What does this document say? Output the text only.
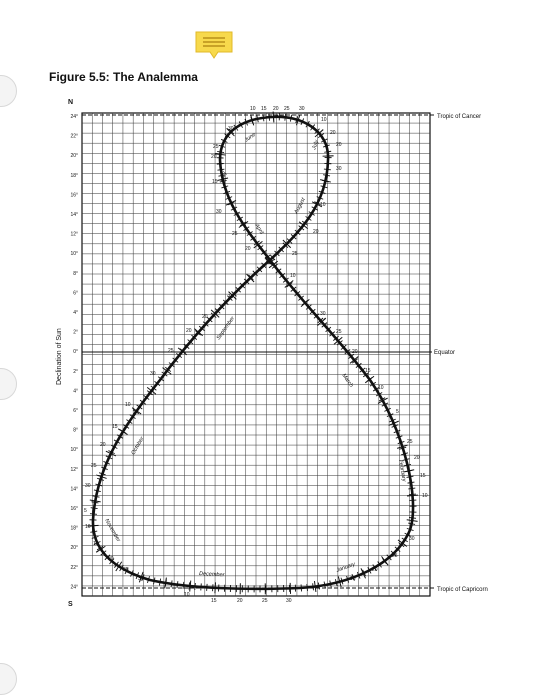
Figure 5.5: The Analemma
24°
22°
20°
18°
16°
14°
12°
10°
8°
6°
4°
2°
0°
2°
4°
6°
8°
10°
12°
14°
16°
18°
20°
22°
24°
N
S
Declination of Sun
Tropic of Cancer
Equator
Tropic of Capricorn
June
May
July
August
April
September
March
October
February
November
December
January
10 15 20 25 30
30
25
20
15
10
20
20
10
10
20	30
25
20
25
30
10
15
20
25
30
5
10
15
20
25
30
10
15	20	25	30
15
20
25
30
10
15
20
25
5
10
15
20
30
25
20
25
20
30
10
